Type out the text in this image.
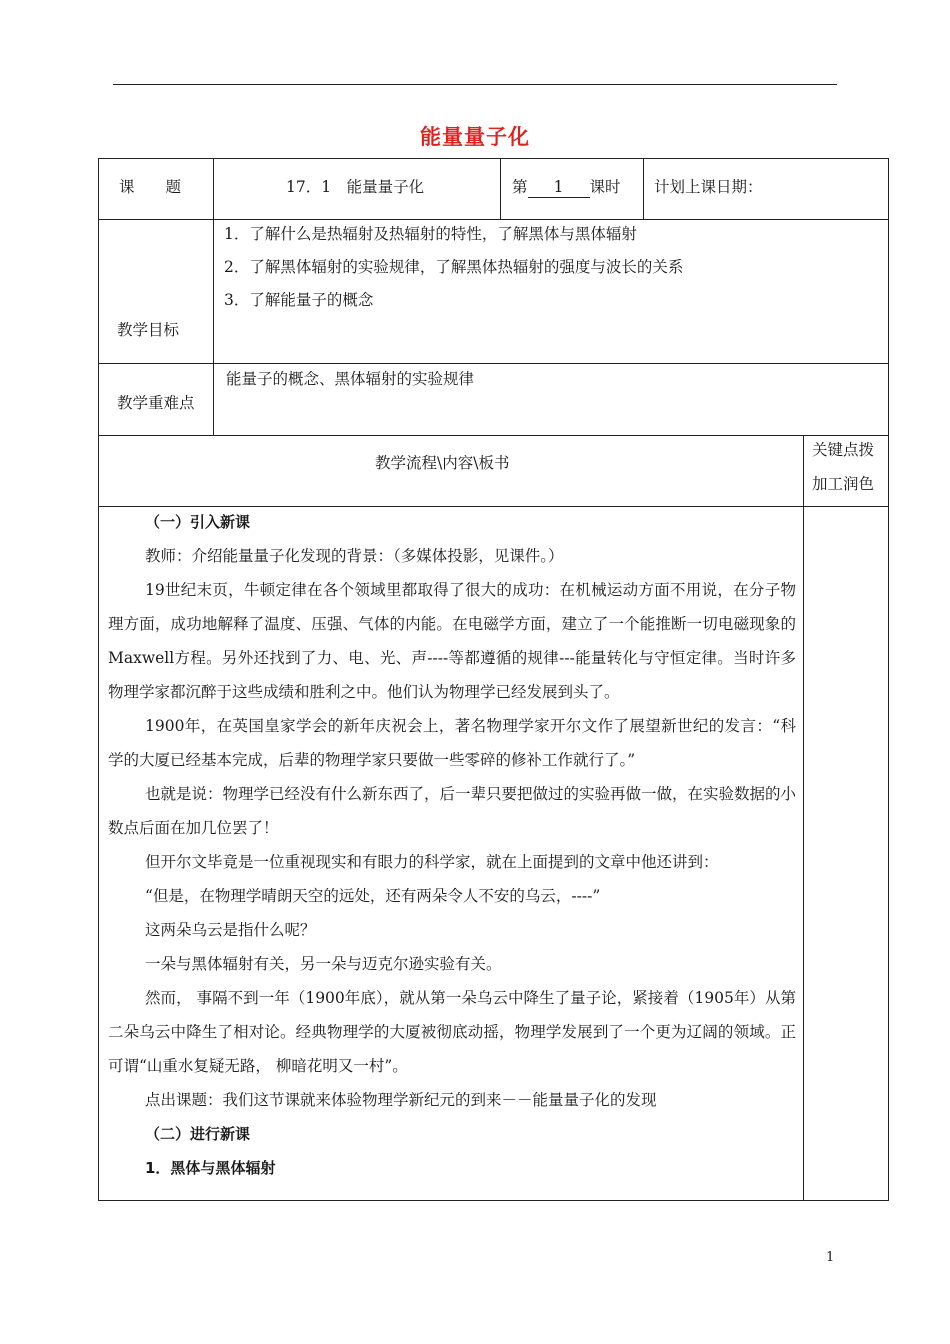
能量量子化
课　　题	17．1　能量量子化	第 1 课时 计划上课日期：
教学目标
1．了解什么是热辐射及热辐射的特性，了解黑体与黑体辐射
2．了解黑体辐射的实验规律，了解黑体热辐射的强度与波长的关系
3．了解能量子的概念
教学重难点
能量子的概念、黑体辐射的实验规律
教学流程\内容\板书
关键点拨
加工润色

（一）引入新课

教师：介绍能量量子化发现的背景：（多媒体投影，见课件。）

19世纪末页，牛顿定律在各个领域里都取得了很大的成功：在机械运动方面不用说，在分子物理方面，成功地解释了温度、压强、气体的内能。在电磁学方面，建立了一个能推断一切电磁现象的 Maxwell方程。另外还找到了力、电、光、声----等都遵循的规律---能量转化与守恒定律。当时许多物理学家都沉醉于这些成绩和胜利之中。他们认为物理学已经发展到头了。

1900年，在英国皇家学会的新年庆祝会上，著名物理学家开尔文作了展望新世纪的发言：“科学的大厦已经基本完成，后辈的物理学家只要做一些零碎的修补工作就行了。”

也就是说：物理学已经没有什么新东西了，后一辈只要把做过的实验再做一做，在实验数据的小数点后面在加几位罢了！

但开尔文毕竟是一位重视现实和有眼力的科学家，就在上面提到的文章中他还讲到：

“但是，在物理学晴朗天空的远处，还有两朵令人不安的乌云，----”

这两朵乌云是指什么呢？

一朵与黑体辐射有关，另一朵与迈克尔逊实验有关。

然而， 事隔不到一年（1900年底），就从第一朵乌云中降生了量子论，紧接着（1905年）从第二朵乌云中降生了相对论。经典物理学的大厦被彻底动摇，物理学发展到了一个更为辽阔的领域。正可谓“山重水复疑无路， 柳暗花明又一村”。

点出课题：我们这节课就来体验物理学新纪元的到来－－能量量子化的发现

（二）进行新课

1．黑体与黑体辐射

1
